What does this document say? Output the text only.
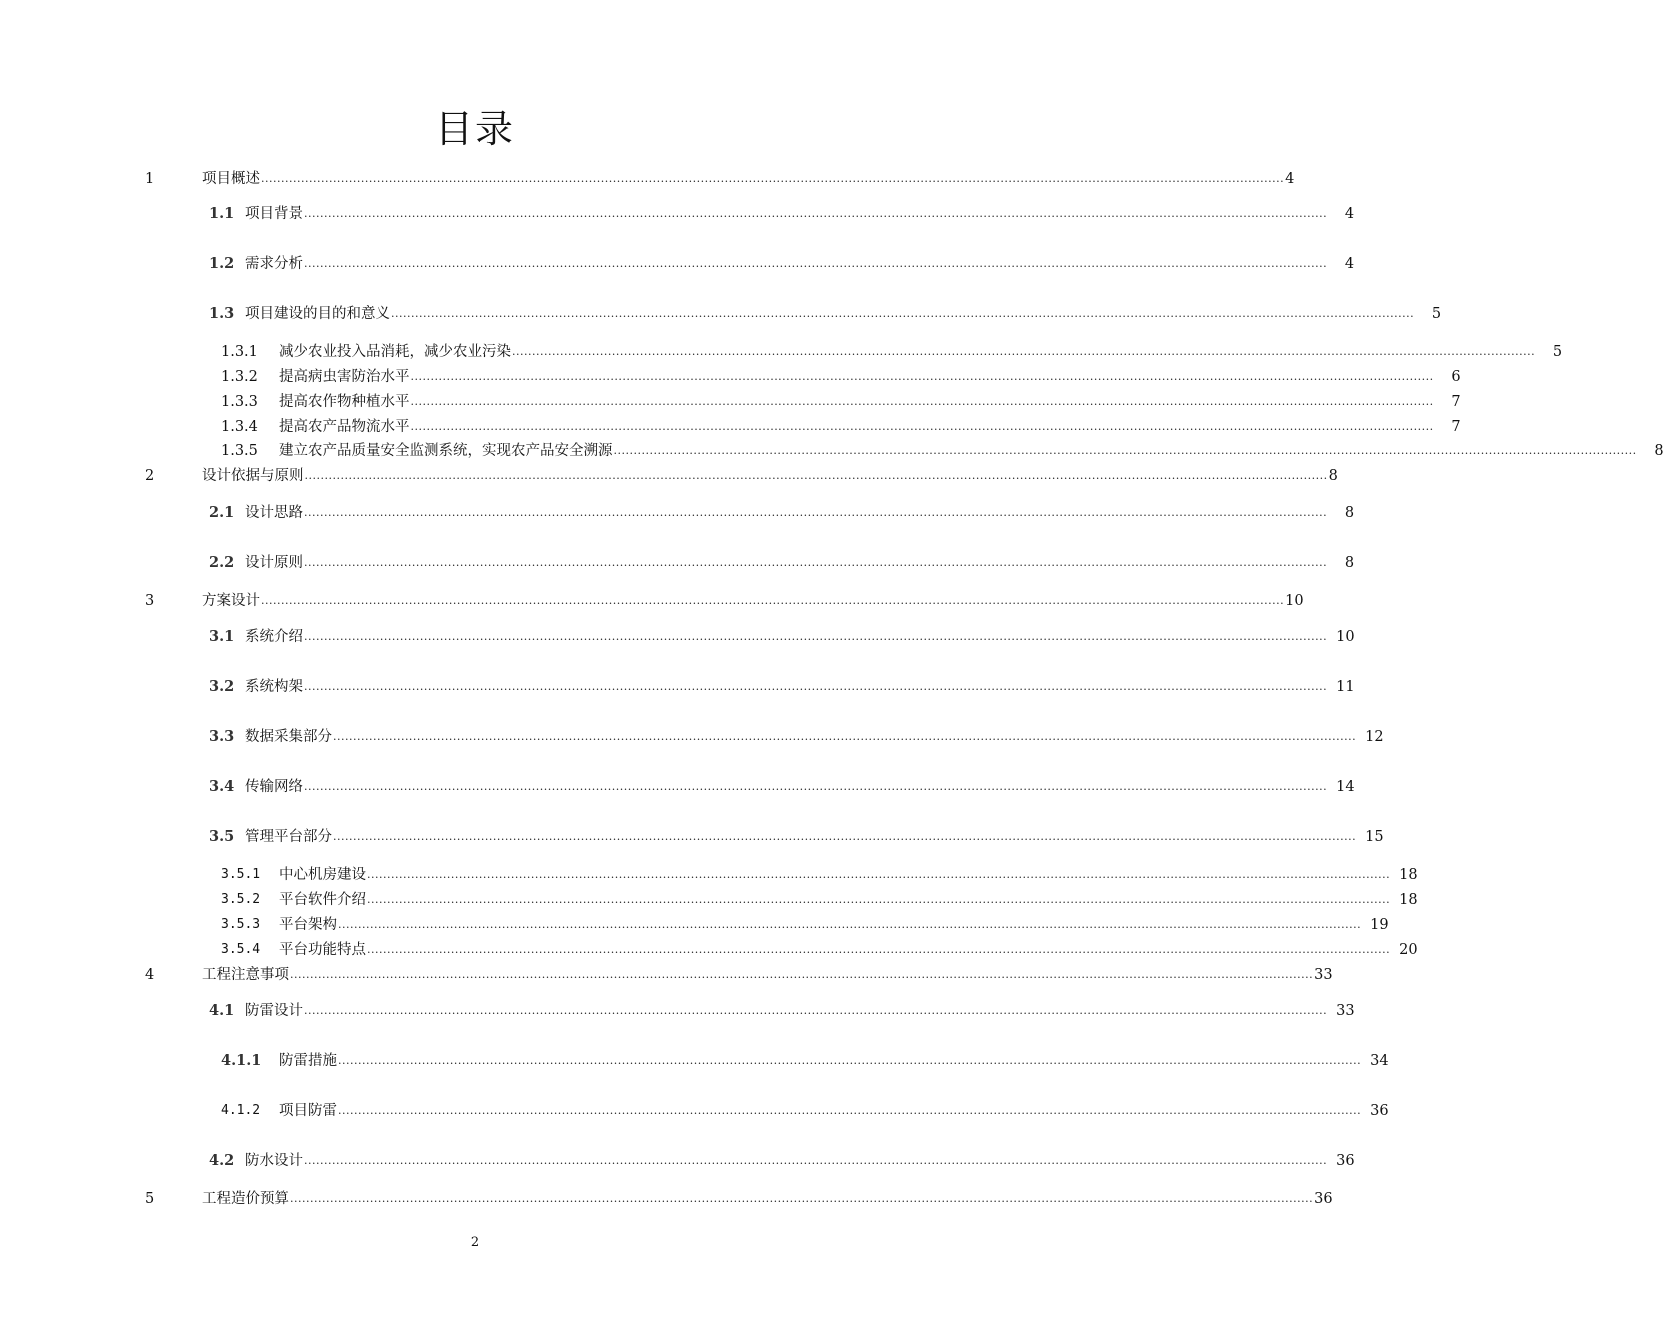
目录
1	项目概述 ................................................................................................................................................................................................................................................................ 4
1.1 项目背景 ................................................................................................................................................................................................................................................................	4
1.2 需求分析 ................................................................................................................................................................................................................................................................	4
1.3 项目建设的目的和意义 ................................................................................................................................................................................................................................................................	5
1.3.1	减少农业投入品消耗，减少农业污染 ................................................................................................................................................................................................................................................................	5
1.3.2	提高病虫害防治水平 ................................................................................................................................................................................................................................................................	6
1.3.3	提高农作物种植水平 ................................................................................................................................................................................................................................................................	7
1.3.4	提高农产品物流水平 ................................................................................................................................................................................................................................................................	7
1.3.5	建立农产品质量安全监测系统，实现农产品安全溯源 ................................................................................................................................................................................................................................................................	8
2	设计依据与原则 ................................................................................................................................................................................................................................................................ 8
2.1 设计思路 ................................................................................................................................................................................................................................................................	8
2.2 设计原则 ................................................................................................................................................................................................................................................................	8
3	方案设计 ................................................................................................................................................................................................................................................................ 10
3.1 系统介绍 ................................................................................................................................................................................................................................................................ 10
3.2 系统构架 ................................................................................................................................................................................................................................................................ 11
3.3 数据采集部分 ................................................................................................................................................................................................................................................................ 12
3.4 传输网络 ................................................................................................................................................................................................................................................................ 14
3.5 管理平台部分 ................................................................................................................................................................................................................................................................ 15
3.5.1	中心机房建设 ................................................................................................................................................................................................................................................................ 18
3.5.2	平台软件介绍 ................................................................................................................................................................................................................................................................ 18
3.5.3	平台架构 ................................................................................................................................................................................................................................................................ 19
3.5.4	平台功能特点 ................................................................................................................................................................................................................................................................ 20
4	工程注意事项 ................................................................................................................................................................................................................................................................ 33
4.1 防雷设计 ................................................................................................................................................................................................................................................................ 33
4.1.1	防雷措施 ................................................................................................................................................................................................................................................................ 34
4.1.2	项目防雷 ................................................................................................................................................................................................................................................................ 36
4.2 防水设计 ................................................................................................................................................................................................................................................................ 36
5	工程造价预算 ................................................................................................................................................................................................................................................................ 36
2
